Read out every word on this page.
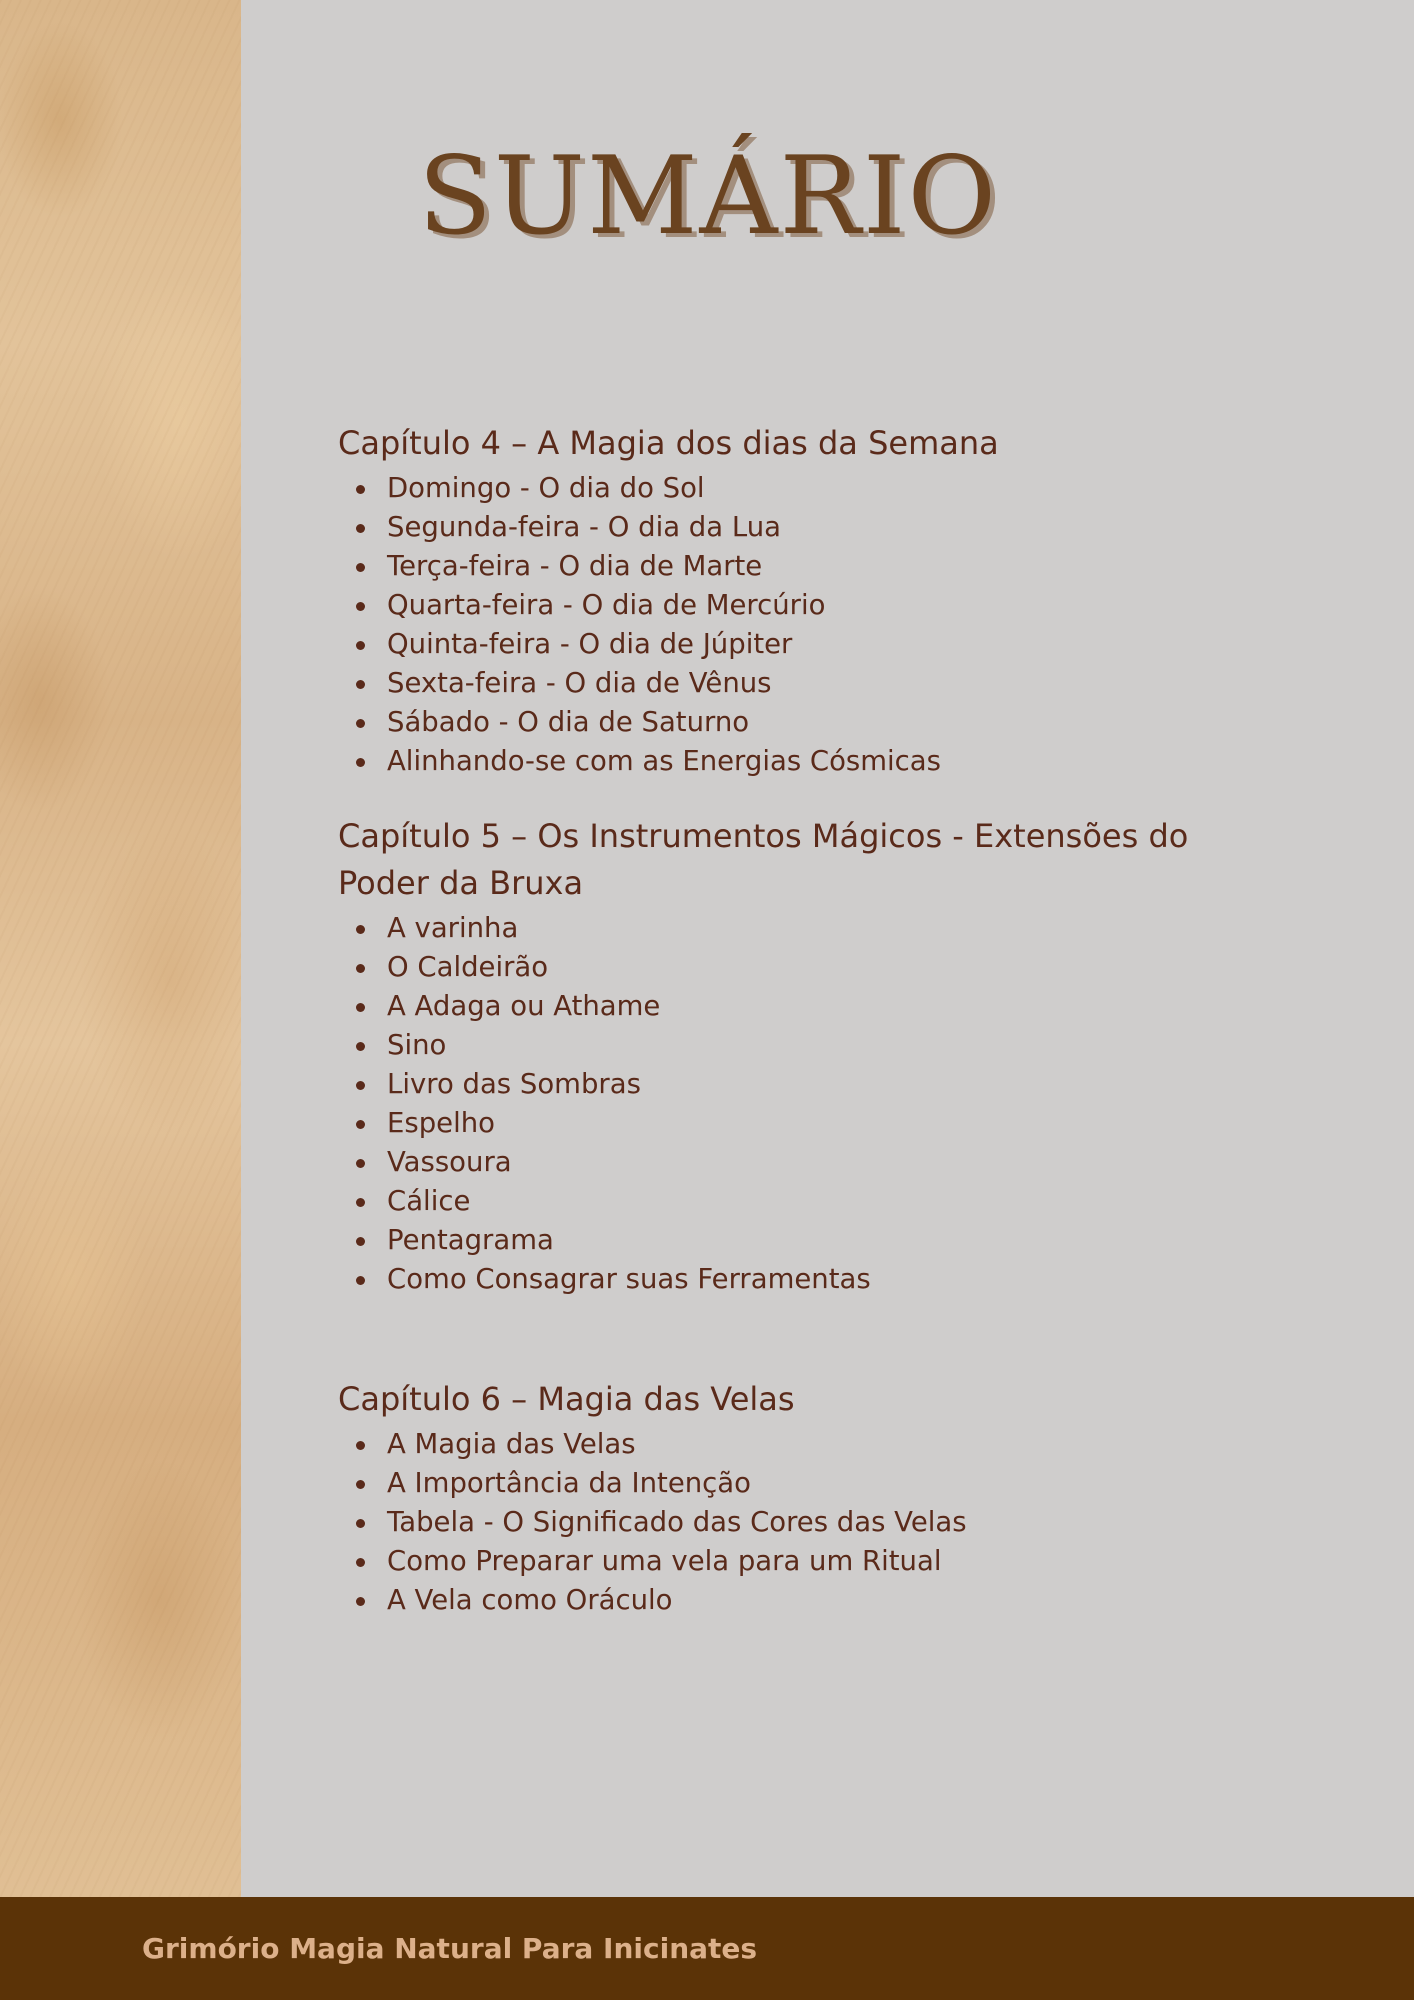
SUMÁRIO
Capítulo 4 – A Magia dos dias da Semana
Domingo - O dia do Sol
Segunda-feira - O dia da Lua
Terça-feira - O dia de Marte
Quarta-feira - O dia de Mercúrio
Quinta-feira - O dia de Júpiter
Sexta-feira - O dia de Vênus
Sábado - O dia de Saturno
Alinhando-se com as Energias Cósmicas
Capítulo 5 – Os Instrumentos Mágicos - Extensões do Poder da Bruxa
A varinha
O Caldeirão
A Adaga ou Athame
Sino
Livro das Sombras
Espelho
Vassoura
Cálice
Pentagrama
Como Consagrar suas Ferramentas
Capítulo 6 – Magia das Velas
A Magia das Velas
A Importância da Intenção
Tabela - O Significado das Cores das Velas
Como Preparar uma vela para um Ritual
A Vela como Oráculo

Grimório Magia Natural Para Inicinates
